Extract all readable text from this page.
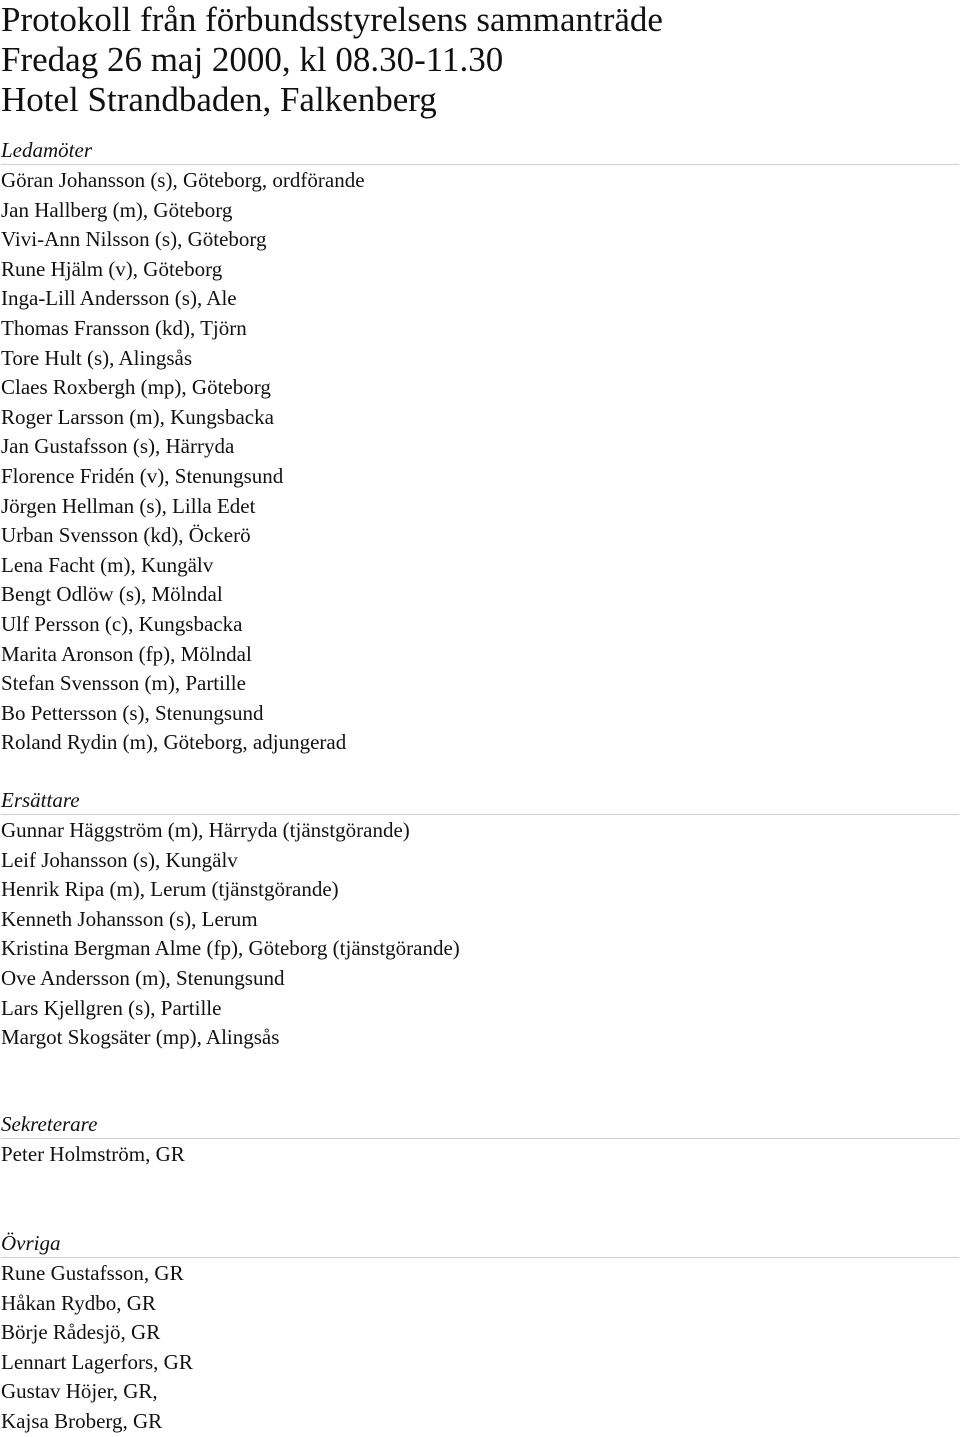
Protokoll från förbundsstyrelsens sammanträde
Fredag 26 maj 2000, kl 08.30-11.30
Hotel Strandbaden, Falkenberg
Ledamöter
Göran Johansson (s), Göteborg, ordförande
Jan Hallberg (m), Göteborg
Vivi-Ann Nilsson (s), Göteborg
Rune Hjälm (v), Göteborg
Inga-Lill Andersson (s), Ale
Thomas Fransson (kd), Tjörn
Tore Hult (s), Alingsås
Claes Roxbergh (mp), Göteborg
Roger Larsson (m), Kungsbacka
Jan Gustafsson (s), Härryda
Florence Fridén (v), Stenungsund
Jörgen Hellman (s), Lilla Edet
Urban Svensson (kd), Öckerö
Lena Facht (m), Kungälv
Bengt Odlöw (s), Mölndal
Ulf Persson (c), Kungsbacka
Marita Aronson (fp), Mölndal
Stefan Svensson (m), Partille
Bo Pettersson (s), Stenungsund
Roland Rydin (m), Göteborg, adjungerad
Ersättare
Gunnar Häggström (m), Härryda (tjänstgörande)
Leif Johansson (s), Kungälv
Henrik Ripa (m), Lerum (tjänstgörande)
Kenneth Johansson (s), Lerum
Kristina Bergman Alme (fp), Göteborg (tjänstgörande)
Ove Andersson (m), Stenungsund
Lars Kjellgren (s), Partille
Margot Skogsäter (mp), Alingsås
Sekreterare
Peter Holmström, GR
Övriga
Rune Gustafsson, GR
Håkan Rydbo, GR
Börje Rådesjö, GR
Lennart Lagerfors, GR
Gustav Höjer, GR,
Kajsa Broberg, GR
